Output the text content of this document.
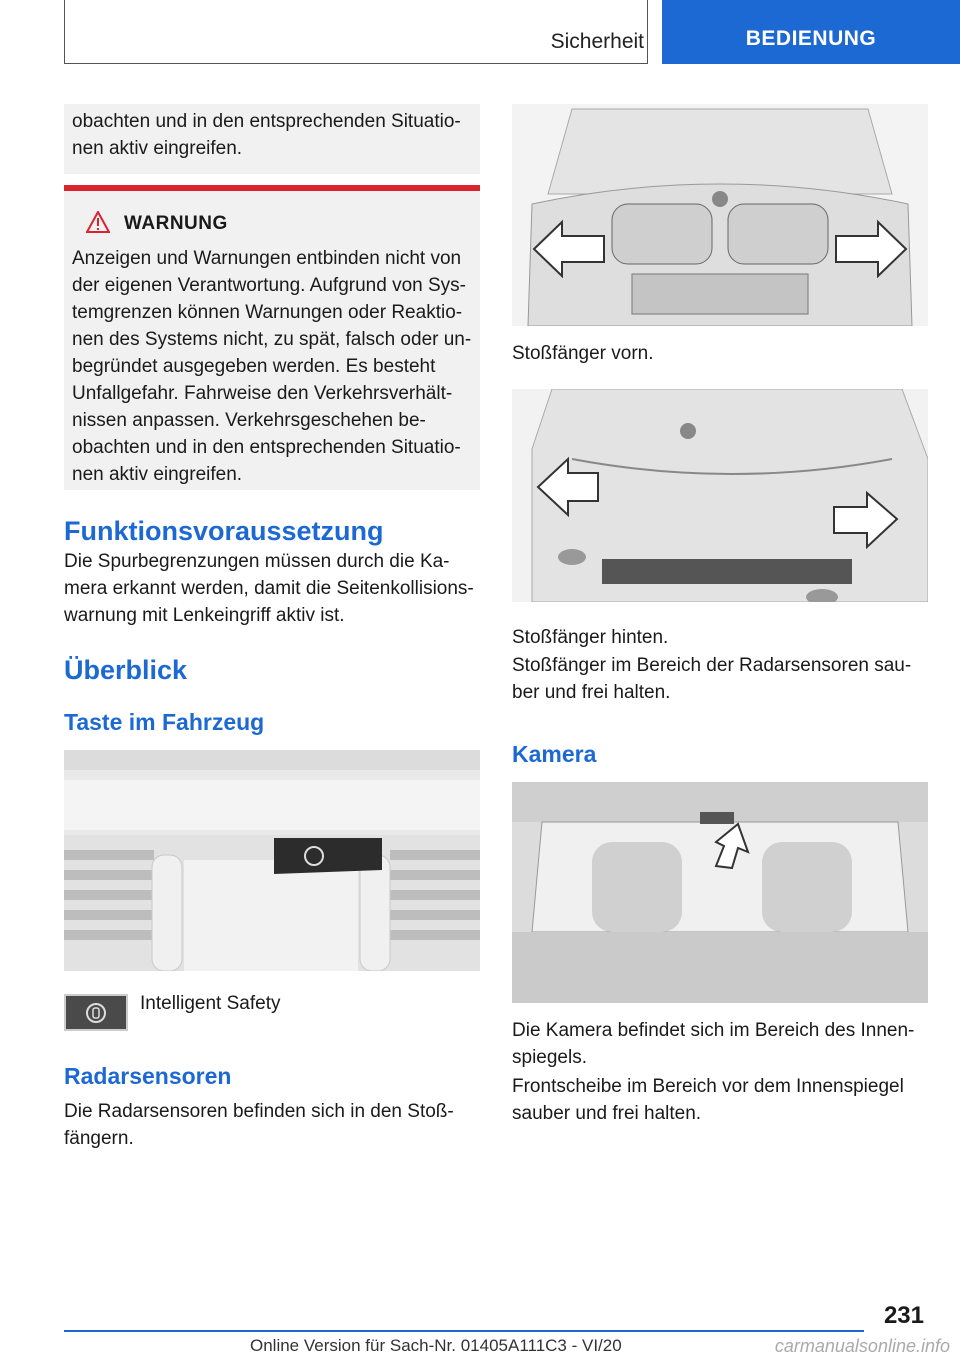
Sicherheit	BEDIENUNG

obachten und in den entsprechenden Situatio-
nen aktiv eingreifen.

WARNUNG

Anzeigen und Warnungen entbinden nicht von der eigenen Verantwortung. Aufgrund von Sys-temgrenzen können Warnungen oder Reaktio-nen des Systems nicht, zu spät, falsch oder un-begründet ausgegeben werden. Es besteht Unfallgefahr. Fahrweise den Verkehrsverhält-nissen anpassen. Verkehrsgeschehen be-obachten und in den entsprechenden Situatio-nen aktiv eingreifen.

Funktionsvoraussetzung

Die Spurbegrenzungen müssen durch die Ka-mera erkannt werden, damit die Seitenkollisions-warnung mit Lenkeingriff aktiv ist.

Überblick
Taste im Fahrzeug

Intelligent Safety

Radarsensoren

Die Radarsensoren befinden sich in den Stoß-fängern.

Stoßfänger vorn.

Stoßfänger hinten.

Stoßfänger im Bereich der Radarsensoren sau-ber und frei halten.

Kamera

Die Kamera befindet sich im Bereich des Innen-spiegels.

Frontscheibe im Bereich vor dem Innenspiegel sauber und frei halten.

231
Online Version für Sach-Nr. 01405A111C3 - VI/20	carmanualsonline.info
